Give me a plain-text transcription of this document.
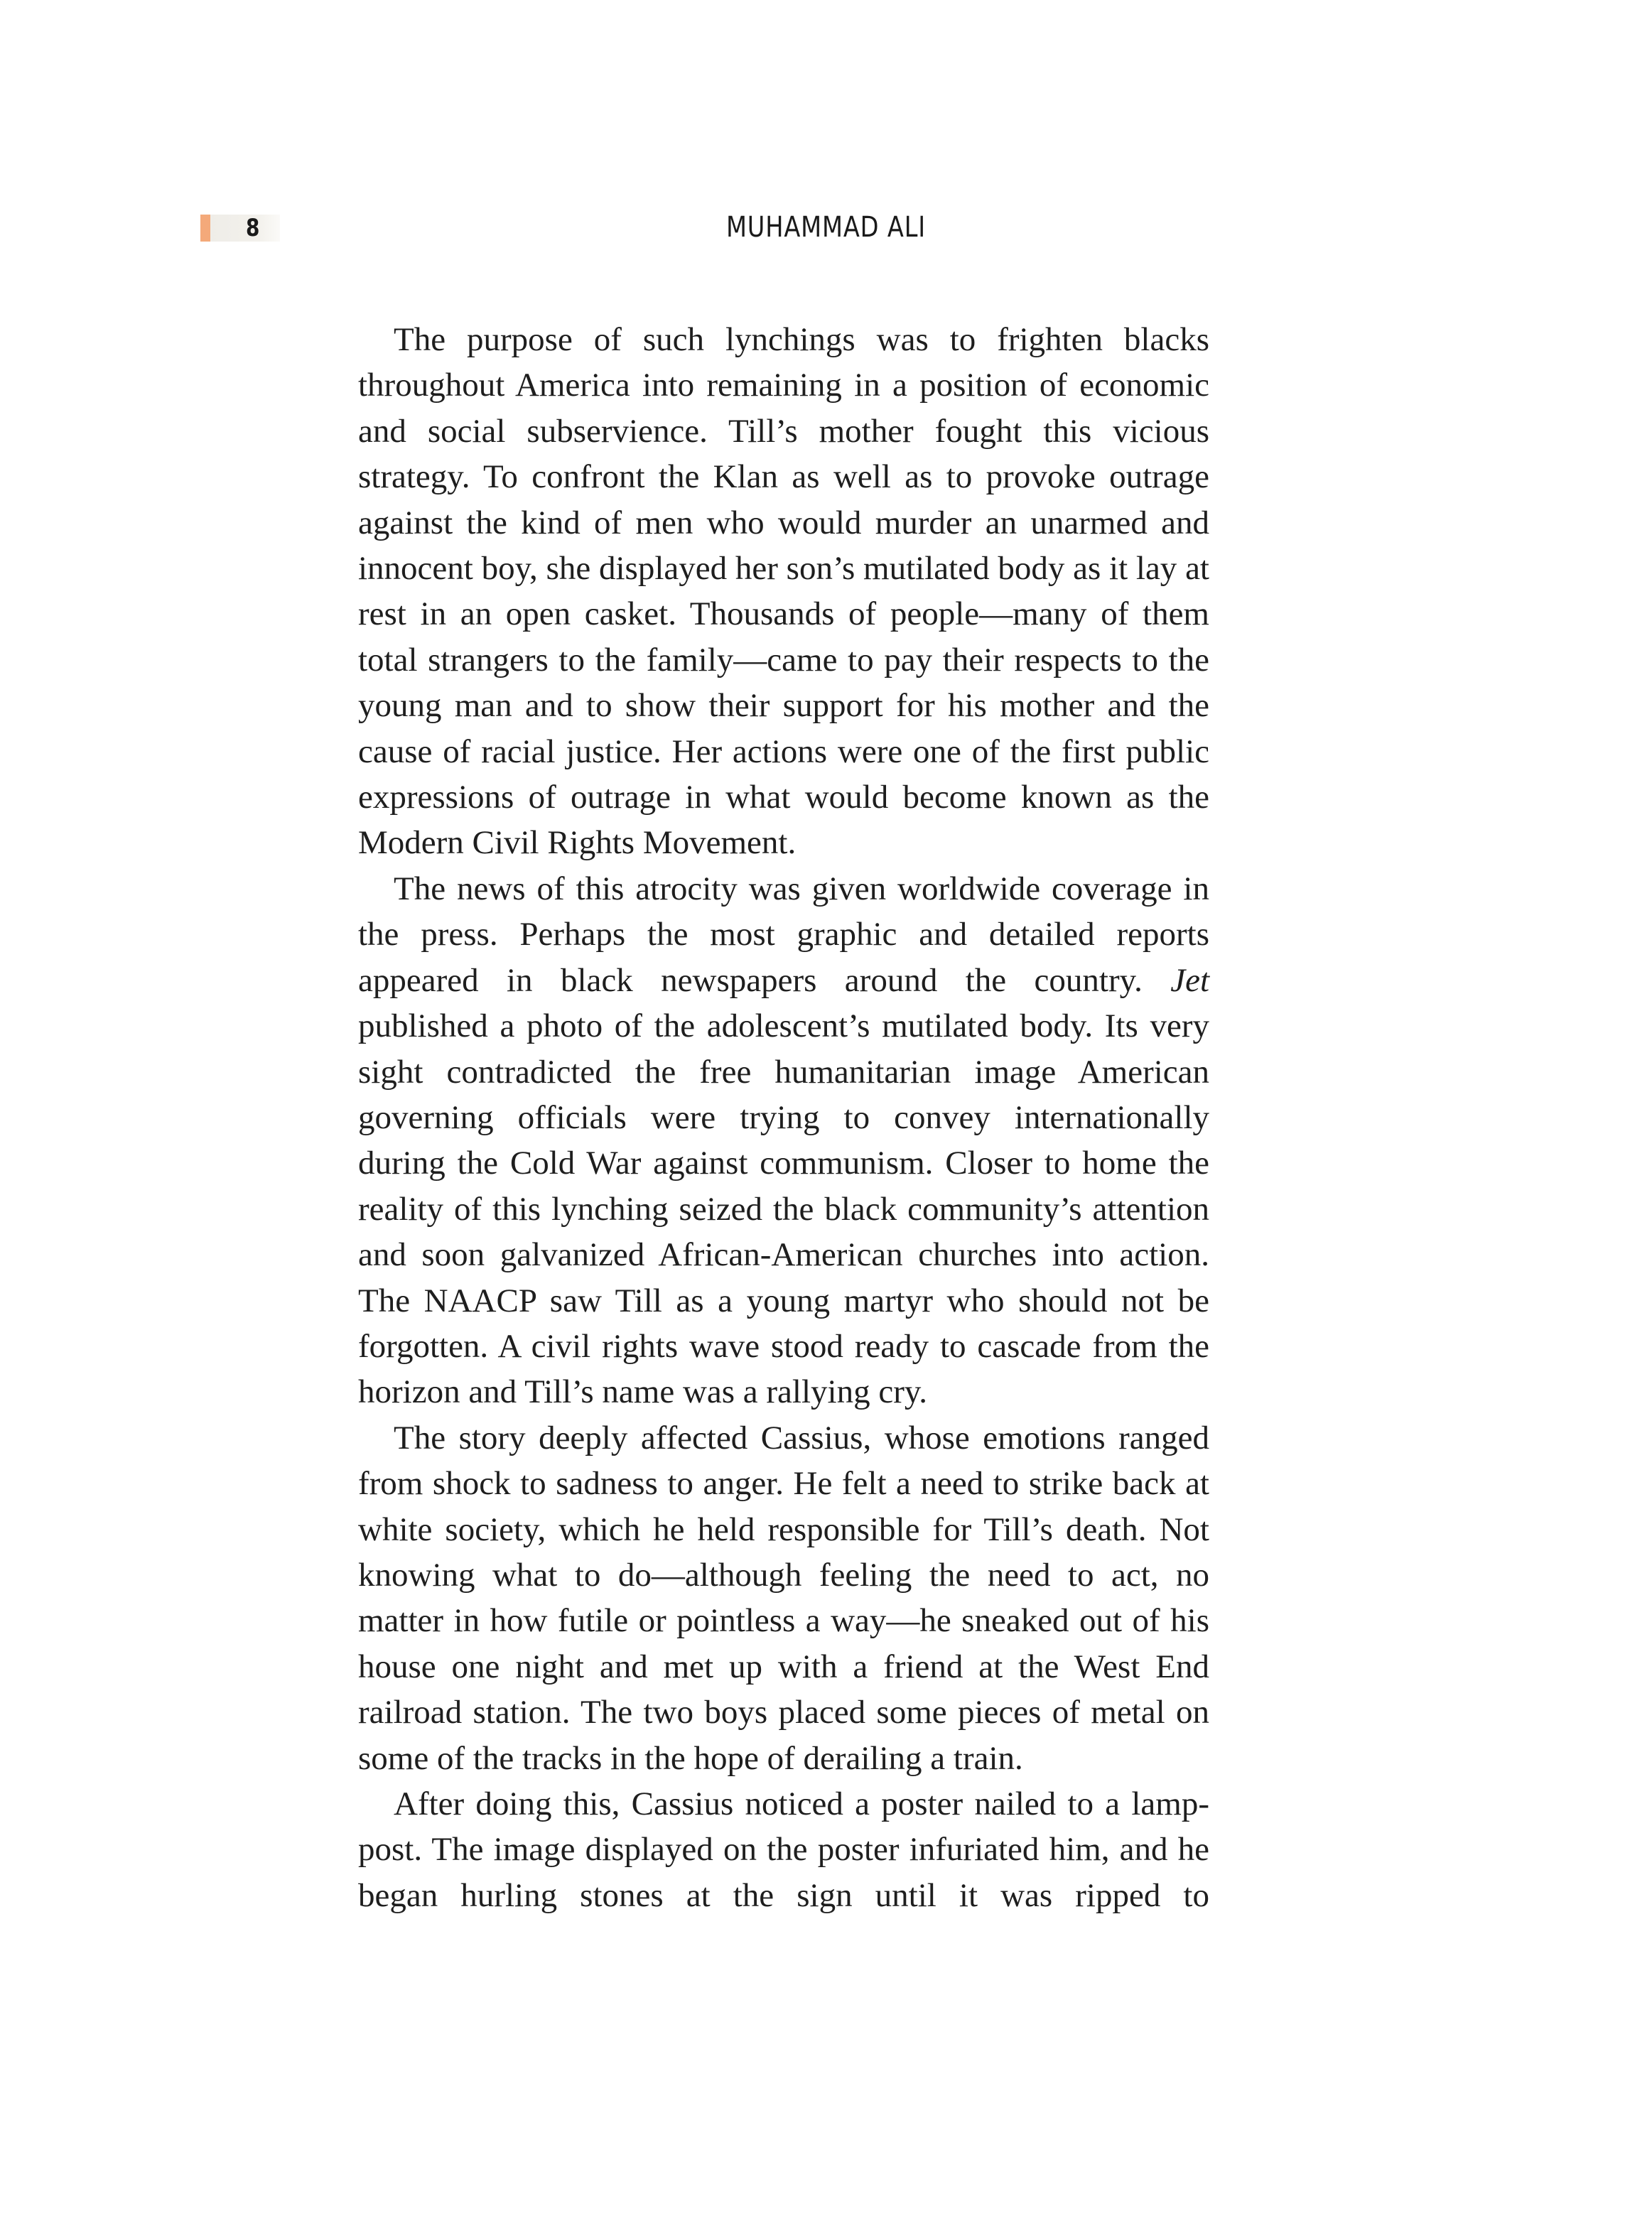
8	MUHAMMAD ALI

The purpose of such lynchings was to frighten blacks throughout America into remaining in a position of economic and social subservience. Till’s mother fought this vicious strategy. To confront the Klan as well as to provoke outrage against the kind of men who would murder an unarmed and innocent boy, she displayed her son’s mutilated body as it lay at rest in an open casket. Thousands of people—many of them total strangers to the family—came to pay their respects to the young man and to show their support for his mother and the cause of racial justice. Her actions were one of the first public expressions of outrage in what would become known as the Modern Civil Rights Movement.

The news of this atrocity was given worldwide coverage in the press. Perhaps the most graphic and detailed reports appeared in black newspapers around the country. Jet published a photo of the adolescent’s mutilated body. Its very sight contradicted the free humanitarian image American governing officials were trying to convey internationally during the Cold War against communism. Closer to home the reality of this lynching seized the black community’s attention and soon galvanized African-American churches into action. The NAACP saw Till as a young martyr who should not be forgotten. A civil rights wave stood ready to cascade from the horizon and Till’s name was a rallying cry.

The story deeply affected Cassius, whose emotions ranged from shock to sadness to anger. He felt a need to strike back at white society, which he held responsible for Till’s death. Not knowing what to do—although feeling the need to act, no matter in how futile or pointless a way—he sneaked out of his house one night and met up with a friend at the West End railroad station. The two boys placed some pieces of metal on some of the tracks in the hope of derailing a train.

After doing this, Cassius noticed a poster nailed to a lamp-post. The image displayed on the poster infuriated him, and he began hurling stones at the sign until it was ripped to
